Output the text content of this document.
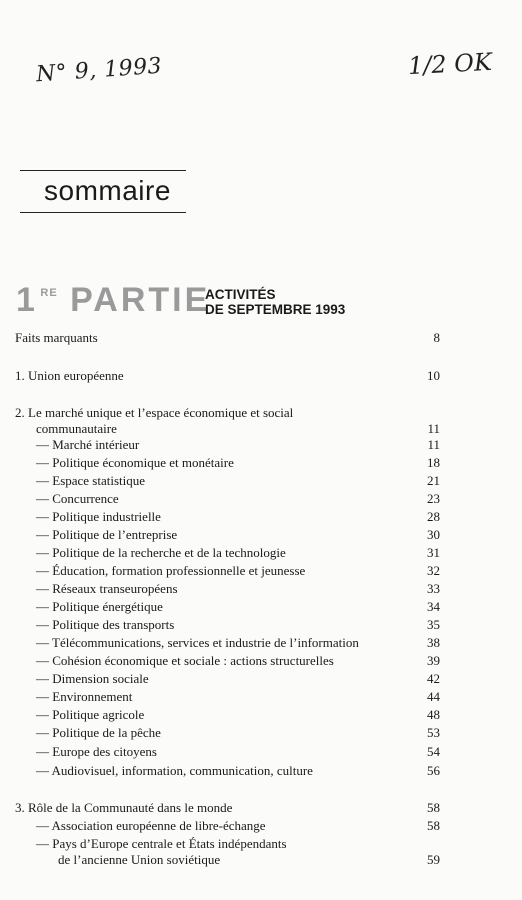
N° 9, 1993	1/2 OK
sommaire
1 $^{RE}$ PARTIE
ACTIVITÉS
DE SEPTEMBRE 1993
Faits marquants	8
1. Union européenne	10
2. Le marché unique et l’espace économique et social
communautaire	11
— Marché intérieur	11
— Politique économique et monétaire	18
— Espace statistique	21
— Concurrence	23
— Politique industrielle	28
— Politique de l’entreprise	30
— Politique de la recherche et de la technologie	31
— Éducation, formation professionnelle et jeunesse	32
— Réseaux transeuropéens	33
— Politique énergétique	34
— Politique des transports	35
— Télécommunications, services et industrie de l’information	38
— Cohésion économique et sociale : actions structurelles	39
— Dimension sociale	42
— Environnement	44
— Politique agricole	48
— Politique de la pêche	53
— Europe des citoyens	54
— Audiovisuel, information, communication, culture	56
3. Rôle de la Communauté dans le monde	58
— Association européenne de libre-échange	58
— Pays d’Europe centrale et États indépendants
de l’ancienne Union soviétique	59
